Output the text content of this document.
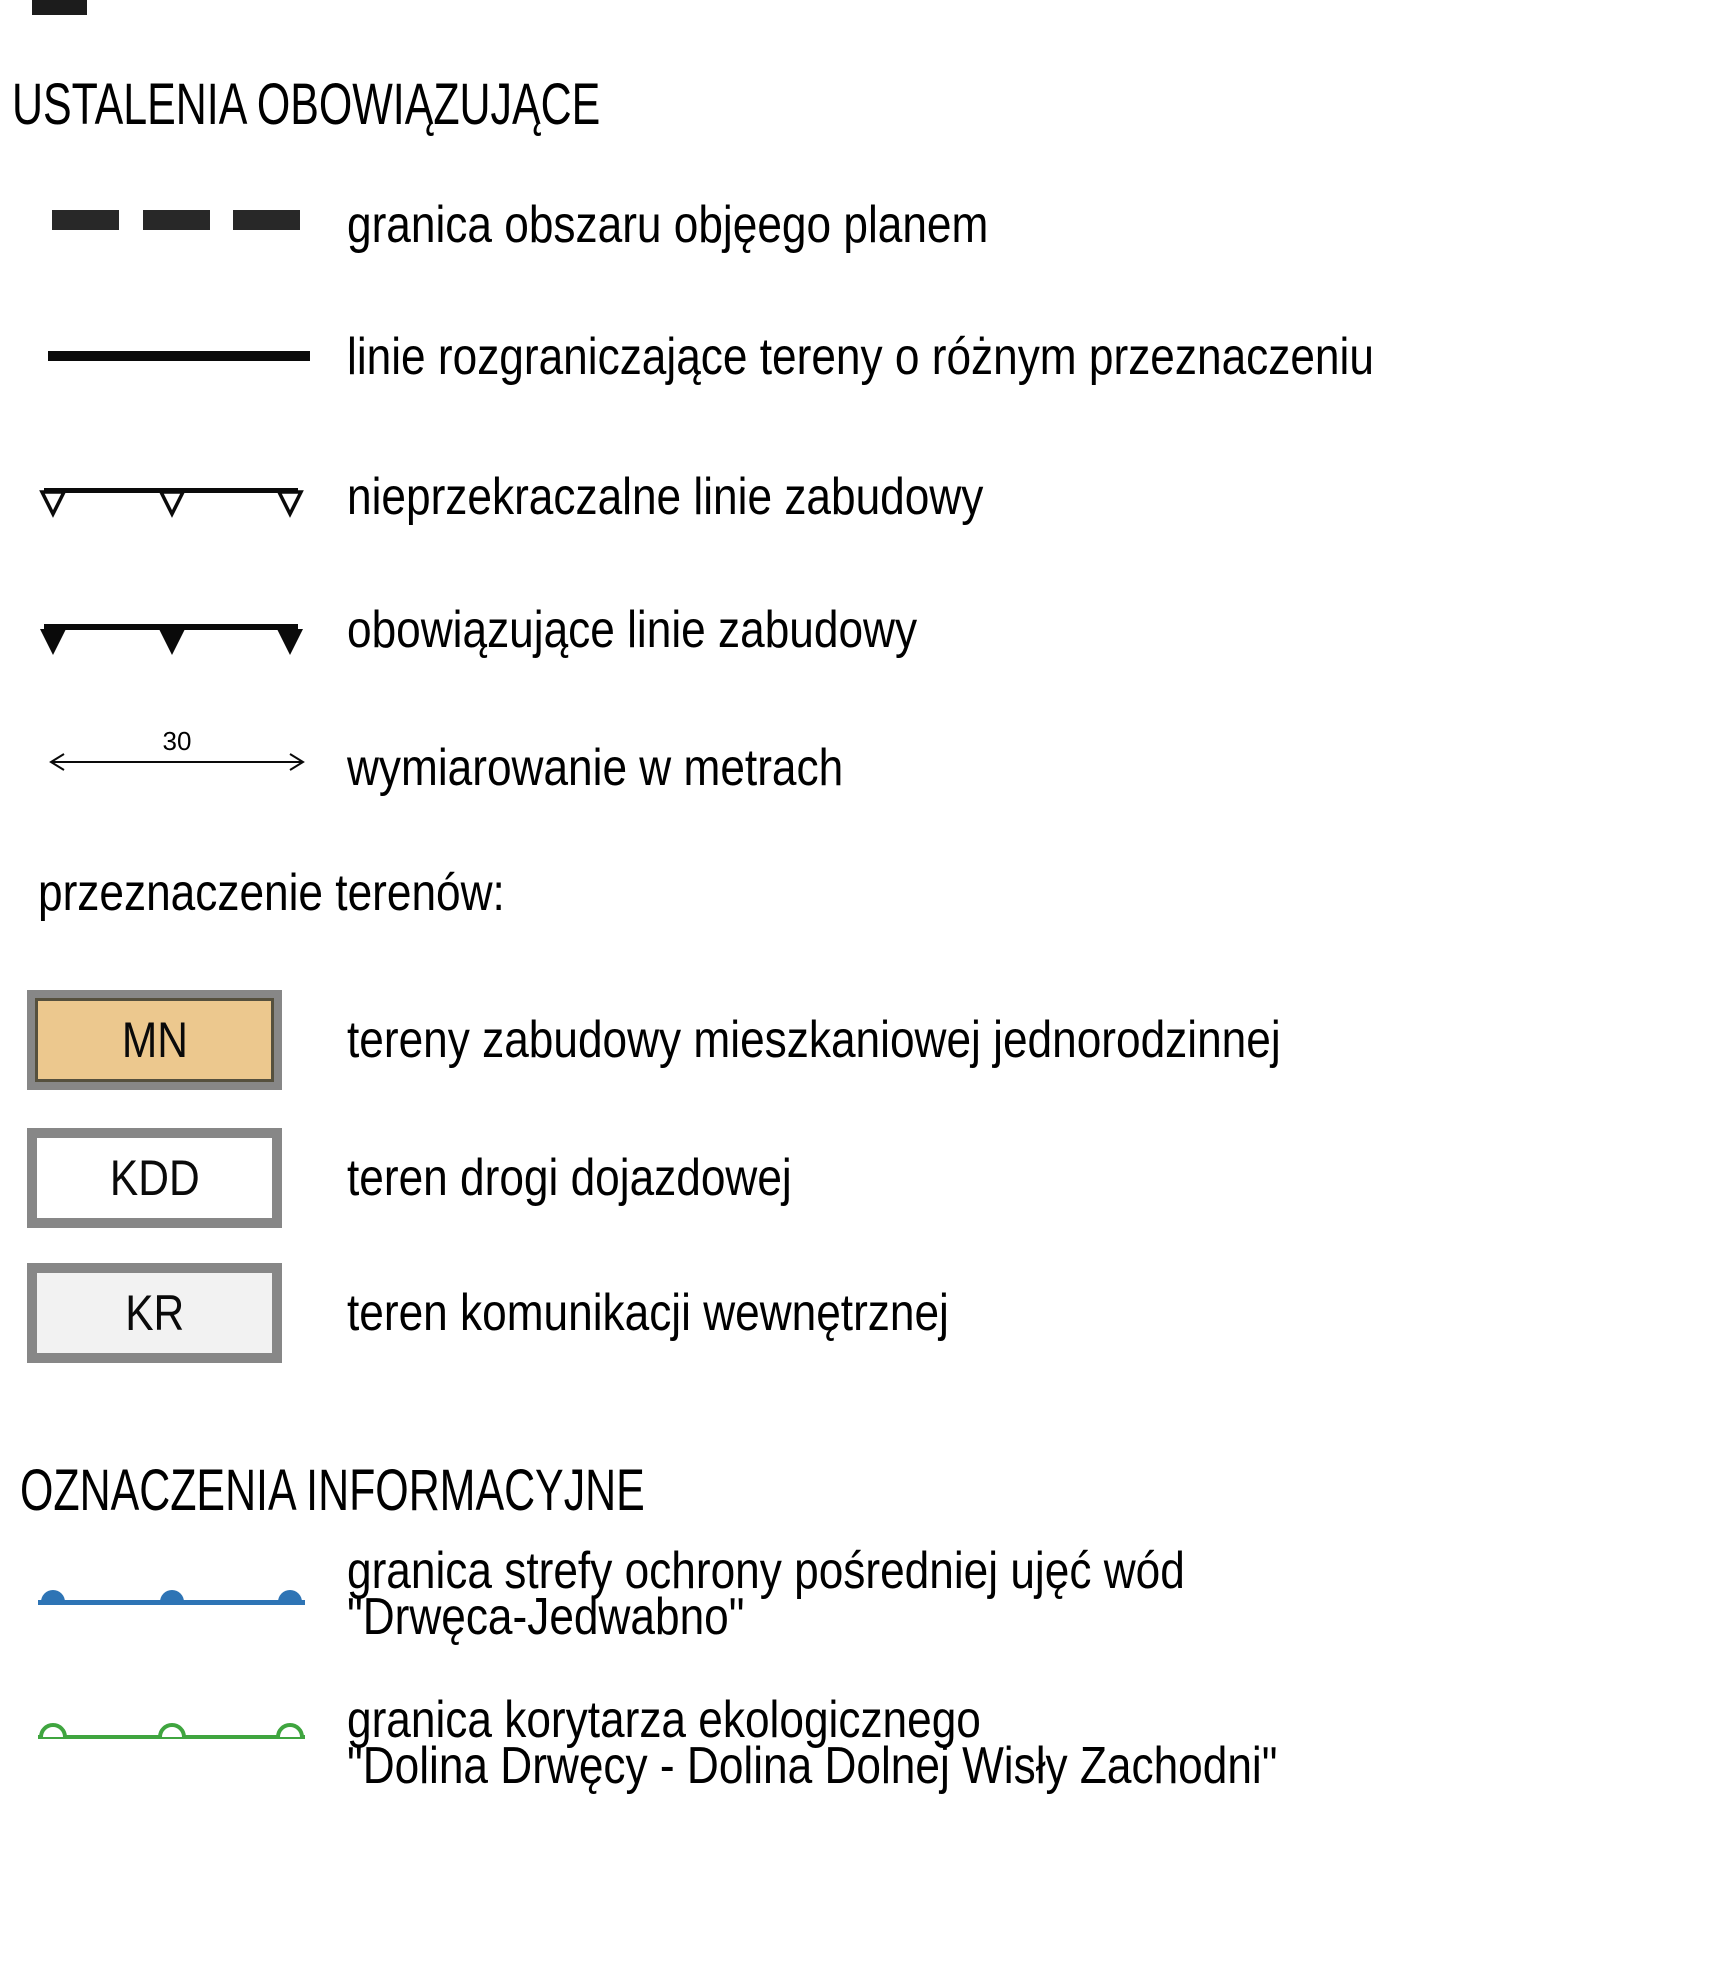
USTALENIA OBOWIĄZUJĄCE
granica obszaru objęego planem
linie rozgraniczające tereny o różnym przeznaczeniu
nieprzekraczalne linie zabudowy
obowiązujące linie zabudowy
30	wymiarowanie w metrach
przeznaczenie terenów:
MN	tereny zabudowy mieszkaniowej jednorodzinnej
KDD	teren drogi dojazdowej
KR	teren komunikacji wewnętrznej
OZNACZENIA INFORMACYJNE
granica strefy ochrony pośredniej ujęć wód
"Drwęca-Jedwabno"
granica korytarza ekologicznego
"Dolina Drwęcy - Dolina Dolnej Wisły Zachodni"
